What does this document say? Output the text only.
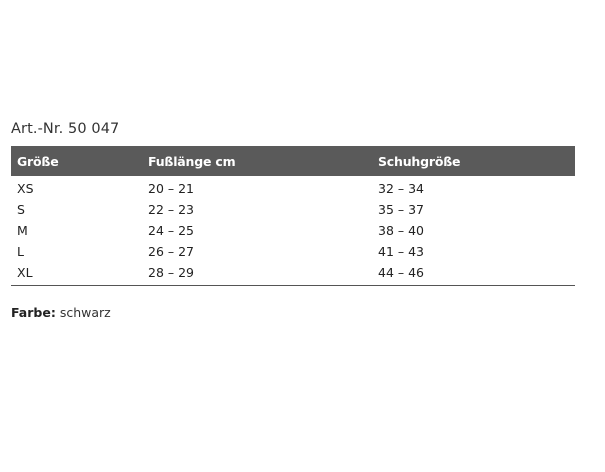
Art.-Nr. 50 047
Größe	Fußlänge cm	Schuhgröße
XS	20 – 21	32 – 34
S	22 – 23	35 – 37
M	24 – 25	38 – 40
L	26 – 27	41 – 43
XL	28 – 29	44 – 46
Farbe: schwarz
